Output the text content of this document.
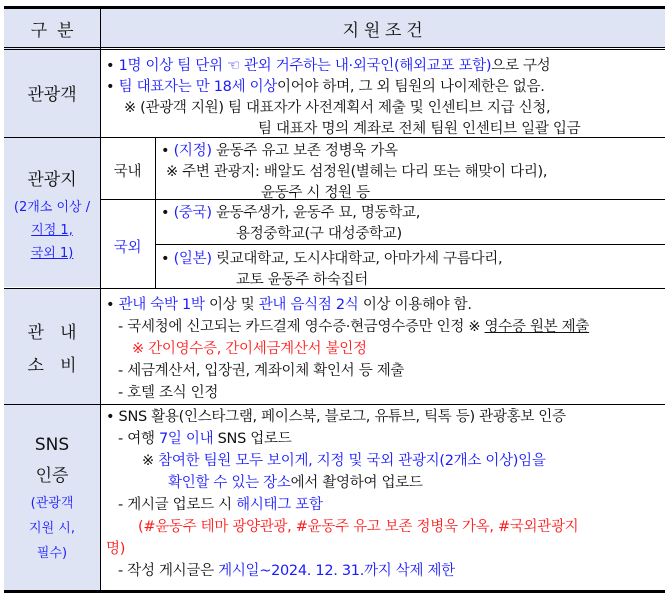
관광객
관광지
(2개소 이상 /
지정 1,
국외 1)
관   내
소   비
SNS
인증
(관광객
지원 시,
필수)
구  분	지 원 조 건
국내
국외
• 1명 이상 팀 단위 ☜ 관외 거주하는 내·외국인(해외교포 포함)으로 구성
• 팀 대표자는 만 18세 이상이어야 하며, 그 외 팀원의 나이제한은 없음.
※ (관광객 지원) 팀 대표자가 사전계획서 제출 및 인센티브 지급 신청,
팀 대표자 명의 계좌로 전체 팀원 인센티브 일괄 입금
• (지정) 윤동주 유고 보존 정병욱 가옥
※ 주변 관광지: 배알도 섬정원(별헤는 다리 또는 해맞이 다리),
윤동주 시 정원 등
• (중국) 윤동주생가, 윤동주 묘, 명동학교,
용정중학교(구 대성중학교)
• (일본) 릿교대학교, 도시샤대학교, 아마가세 구름다리,
교토 윤동주 하숙집터
• 관내 숙박 1박 이상 및 관내 음식점 2식 이상 이용해야 함.
- 국세청에 신고되는 카드결제 영수증·현금영수증만 인정 ※ 영수증 원본 제출
※ 간이영수증, 간이세금계산서 불인정
- 세금계산서, 입장권, 계좌이체 확인서 등 제출
- 호텔 조식 인정
• SNS 활용(인스타그램, 페이스북, 블로그, 유튜브, 틱톡 등) 관광홍보 인증
- 여행 7일 이내 SNS 업로드
※ 참여한 팀원 모두 보이게, 지정 및 국외 관광지(2개소 이상)임을
확인할 수 있는 장소에서 촬영하여 업로드
- 게시글 업로드 시 해시태그 포함
(#윤동주 테마 광양관광, #윤동주 유고 보존 정병욱 가옥, #국외관광지
명)
- 작성 게시글은 게시일~2024. 12. 31.까지 삭제 제한
